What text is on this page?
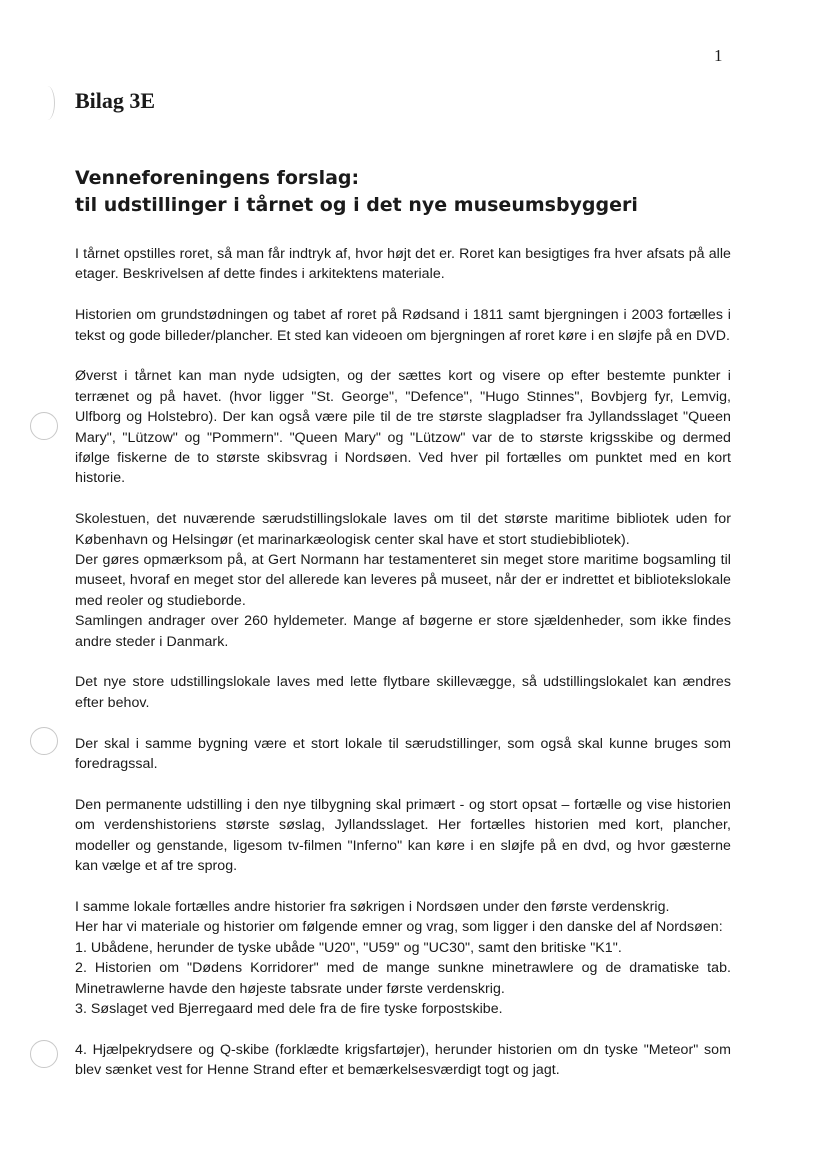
1
Bilag 3E
Venneforeningens forslag:
til udstillinger i tårnet og i det nye museumsbyggeri

I tårnet opstilles roret, så man får indtryk af, hvor højt det er. Roret kan besigtiges fra hver afsats på alle etager. Beskrivelsen af dette findes i arkitektens materiale.

Historien om grundstødningen og tabet af roret på Rødsand i 1811 samt bjergningen i 2003 fortælles i tekst og gode billeder/plancher. Et sted kan videoen om bjergningen af roret køre i en sløjfe på en DVD.

Øverst i tårnet kan man nyde udsigten, og der sættes kort og visere op efter bestemte punkter i terrænet og på havet. (hvor ligger "St. George", "Defence", "Hugo Stinnes", Bovbjerg fyr, Lemvig, Ulfborg og Holstebro). Der kan også være pile til de tre største slagpladser fra Jyllandsslaget "Queen Mary", "Lützow" og "Pommern". "Queen Mary" og "Lützow" var de to største krigsskibe og dermed ifølge fiskerne de to største skibsvrag i Nordsøen. Ved hver pil fortælles om punktet med en kort historie.

Skolestuen, det nuværende særudstillingslokale laves om til det største maritime bibliotek uden for København og Helsingør (et marinarkæologisk center skal have et stort studiebibliotek).

Der gøres opmærksom på, at Gert Normann har testamenteret sin meget store maritime bogsamling til museet, hvoraf en meget stor del allerede kan leveres på museet, når der er indrettet et bibliotekslokale med reoler og studieborde.

Samlingen andrager over 260 hyldemeter. Mange af bøgerne er store sjældenheder, som ikke findes andre steder i Danmark.

Det nye store udstillingslokale laves med lette flytbare skillevægge, så udstillingslokalet kan ændres efter behov.

Der skal i samme bygning være et stort lokale til særudstillinger, som også skal kunne bruges som foredragssal.

Den permanente udstilling i den nye tilbygning skal primært - og stort opsat – fortælle og vise historien om verdenshistoriens største søslag, Jyllandsslaget. Her fortælles historien med kort, plancher, modeller og genstande, ligesom tv-filmen "Inferno" kan køre i en sløjfe på en dvd, og hvor gæsterne kan vælge et af tre sprog.

I samme lokale fortælles andre historier fra søkrigen i Nordsøen under den første verdenskrig.

Her har vi materiale og historier om følgende emner og vrag, som ligger i den danske del af Nordsøen:

1. Ubådene, herunder de tyske ubåde "U20", "U59" og "UC30", samt den britiske "K1".

2. Historien om "Dødens Korridorer" med de mange sunkne minetrawlere og de dramatiske tab. Minetrawlerne havde den højeste tabsrate under første verdenskrig.

3. Søslaget ved Bjerregaard med dele fra de fire tyske forpostskibe.

4. Hjælpekrydsere og Q-skibe (forklædte krigsfartøjer), herunder historien om dn tyske "Meteor" som blev sænket vest for Henne Strand efter et bemærkelsesværdigt togt og jagt.
